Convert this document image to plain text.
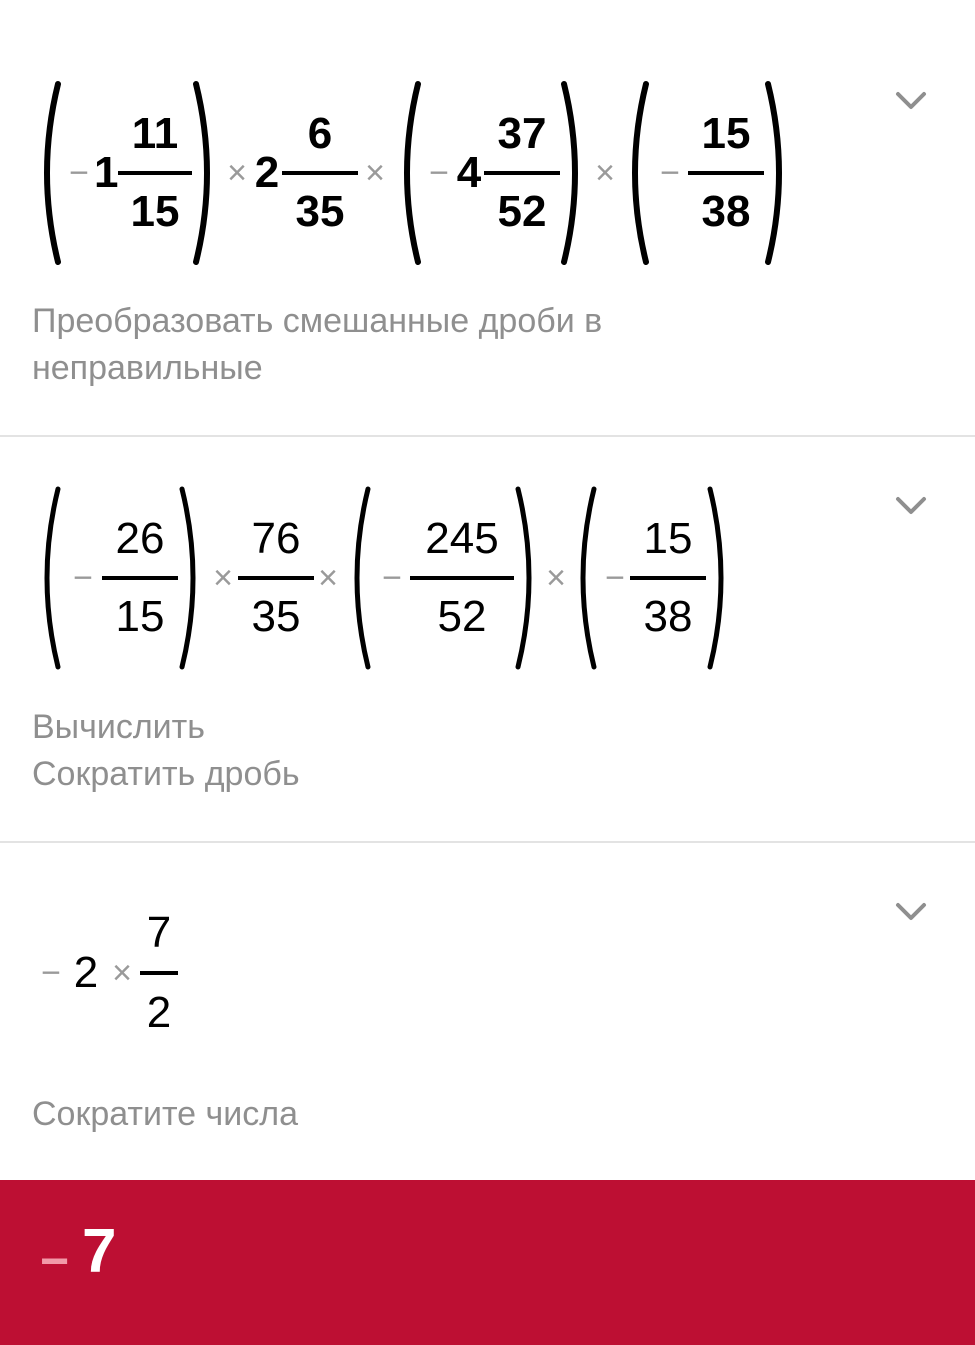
− $1 \frac{11}{15} \times 2 \frac{6}{35}$ × − $4 \frac{37}{52}$ × − $\frac{15}{38}$
Преобразовать смешанные дроби в неправильные
− $\frac{26}{15} \times \frac{76}{35}$ × − $\frac{245}{52}$ × − $\frac{15}{38}$
Вычислить
Сократить дробь
− $2 \times \frac{7}{2}$
Сократите числа
− 7
